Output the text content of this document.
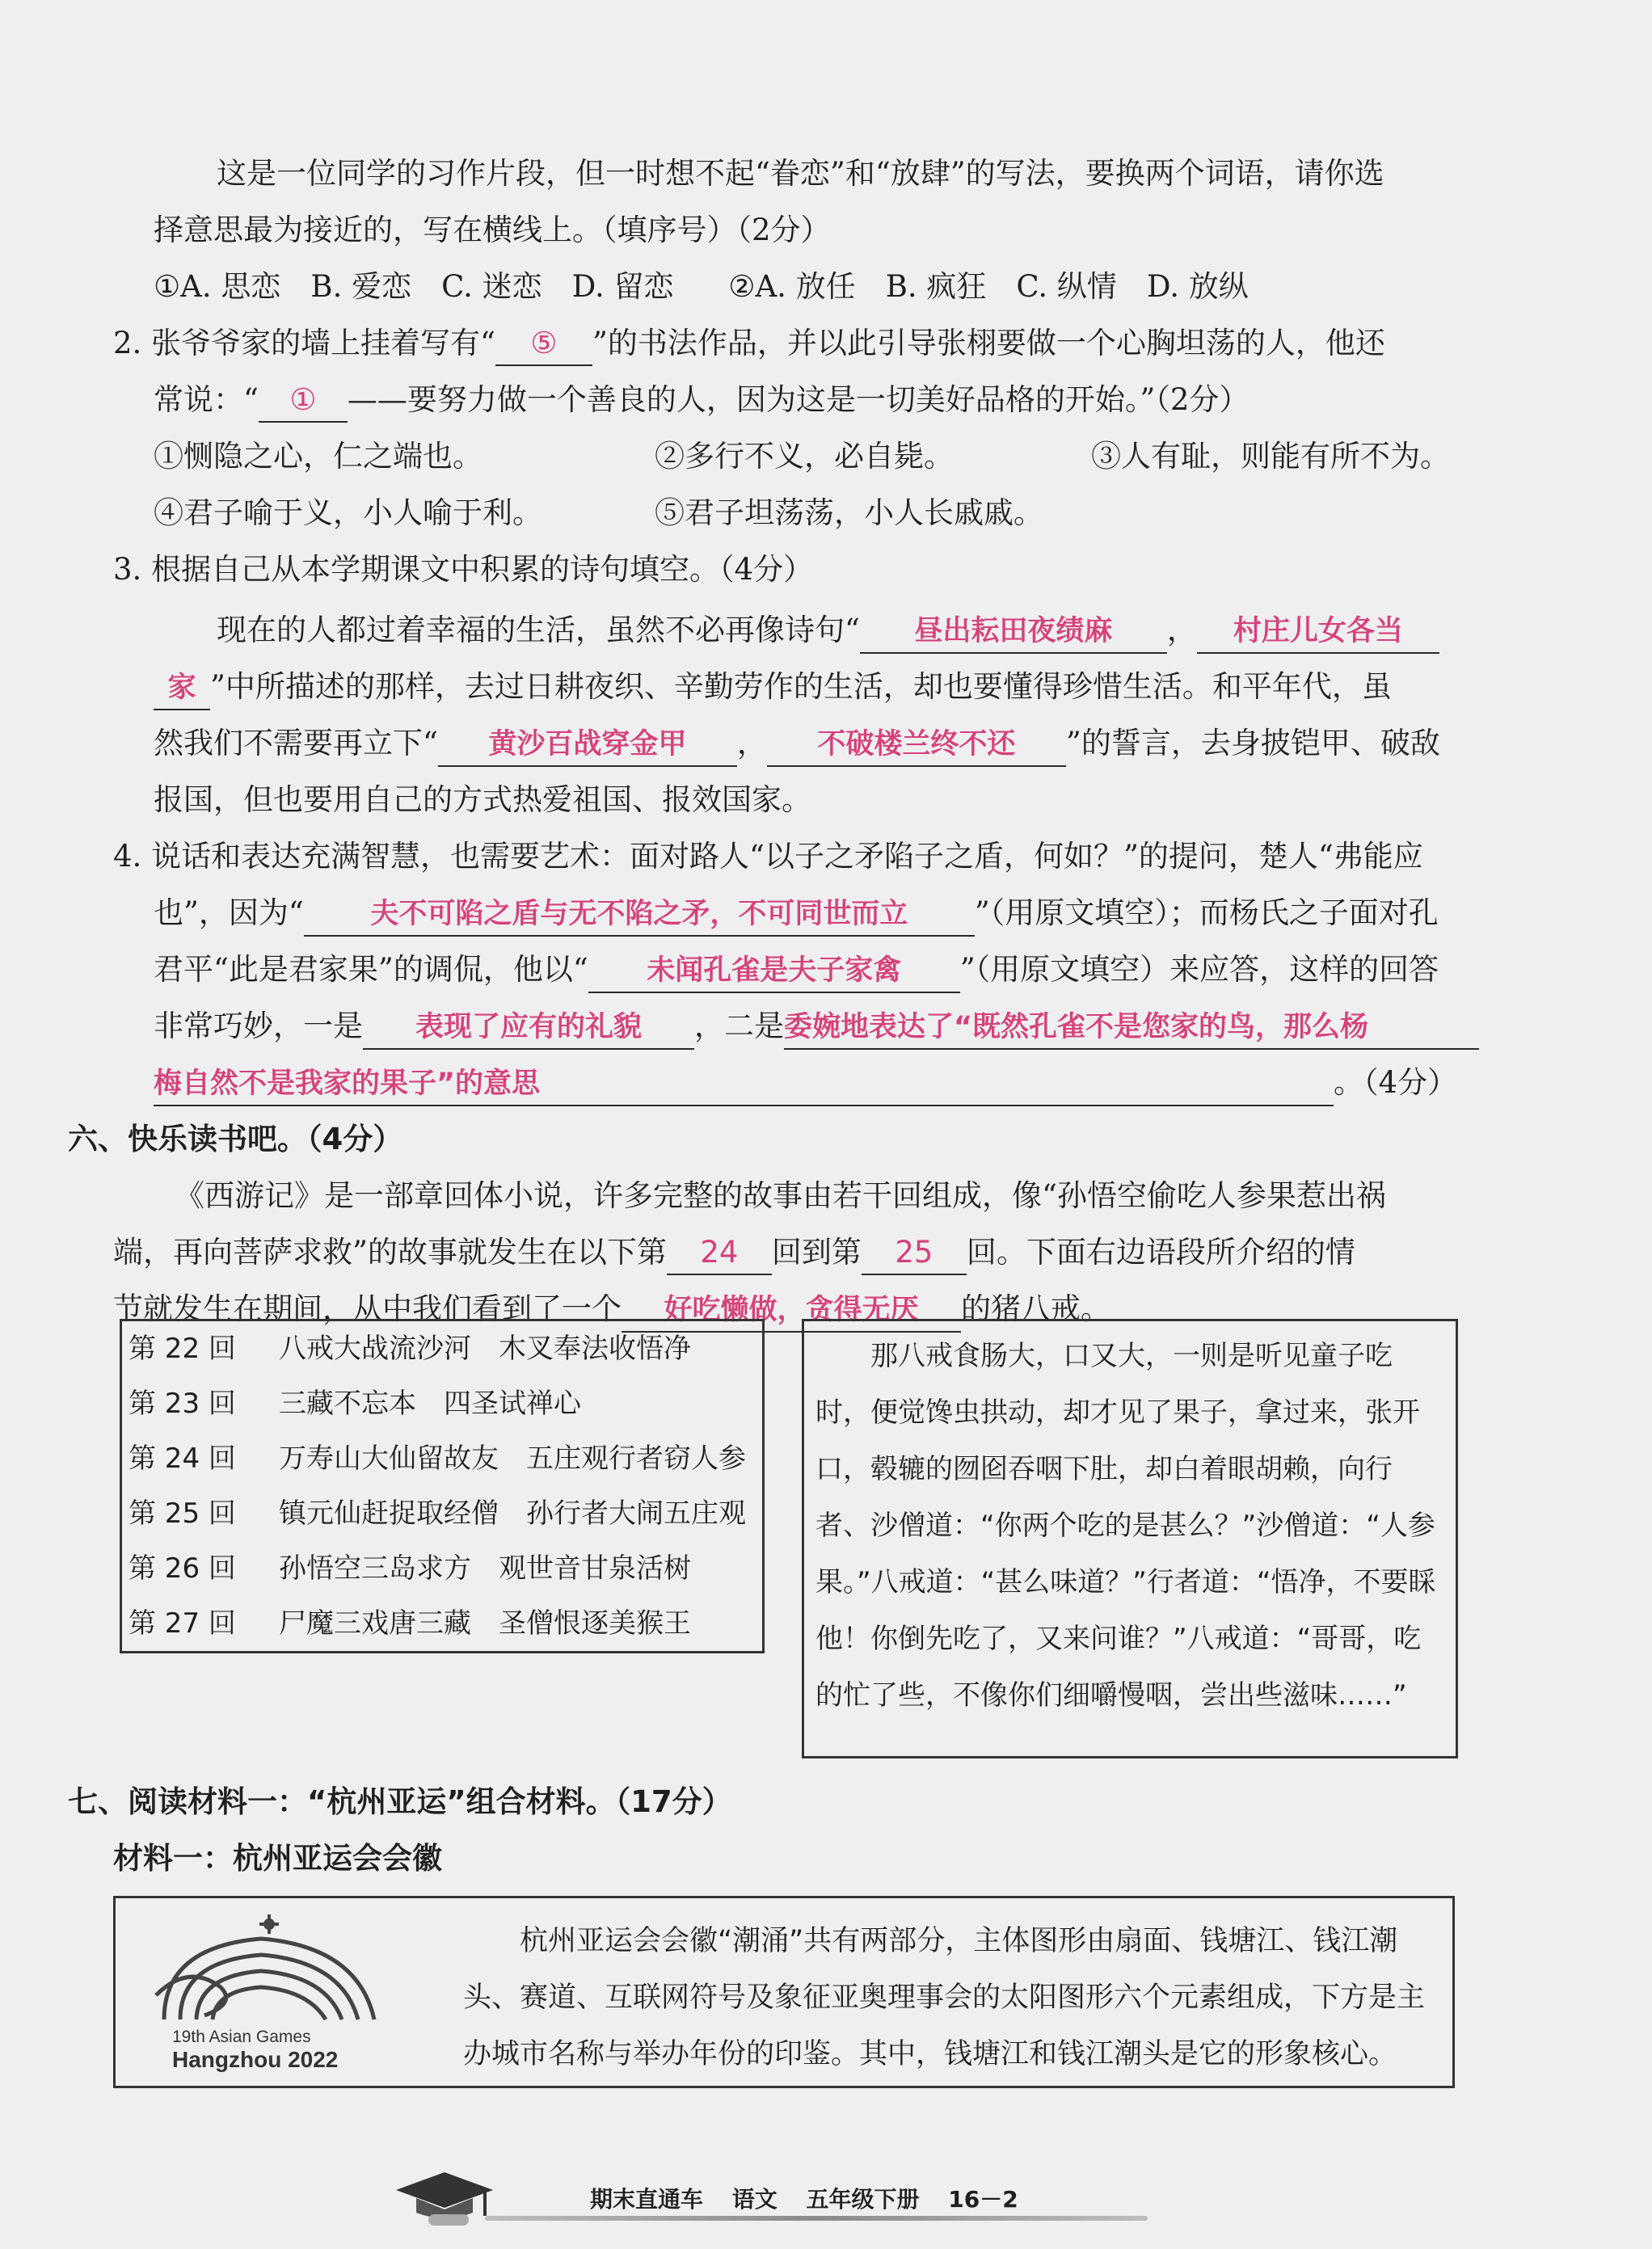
这是一位同学的习作片段，但一时想不起“眷恋”和“放肆”的写法，要换两个词语，请你选
择意思最为接近的，写在横线上。（填序号）（2分）
①A. 思恋　B. 爱恋　C. 迷恋　D. 留恋 ②A. 放任　B. 疯狂　C. 纵情　D. 放纵
2. 张爷爷家的墙上挂着写有“ ⑤ ”的书法作品，并以此引导张栩要做一个心胸坦荡的人，他还
常说：“ ① ——要努力做一个善良的人，因为这是一切美好品格的开始。”（2分）
①恻隐之心，仁之端也。	②多行不义，必自毙。	③人有耻，则能有所不为。
④君子喻于义，小人喻于利。	⑤君子坦荡荡，小人长戚戚。
3. 根据自己从本学期课文中积累的诗句填空。（4分）
现在的人都过着幸福的生活，虽然不必再像诗句“ 昼出耘田夜绩麻 ， 村庄儿女各当
家 ”中所描述的那样，去过日耕夜织、辛勤劳作的生活，却也要懂得珍惜生活。和平年代，虽
然我们不需要再立下“ 黄沙百战穿金甲 ， 不破楼兰终不还 ”的誓言，去身披铠甲、破敌
报国，但也要用自己的方式热爱祖国、报效国家。
4. 说话和表达充满智慧，也需要艺术：面对路人“以子之矛陷子之盾，何如？”的提问，楚人“弗能应
也”，因为“ 夫不可陷之盾与无不陷之矛，不可同世而立 ”（用原文填空）；而杨氏之子面对孔
君平“此是君家果”的调侃，他以“ 未闻孔雀是夫子家禽 ”（用原文填空）来应答，这样的回答
非常巧妙，一是 表现了应有的礼貌 ，二是委婉地表达了“既然孔雀不是您家的鸟，那么杨
梅自然不是我家的果子”的意思	。（4分）
六、快乐读书吧。（4分）
《西游记》是一部章回体小说，许多完整的故事由若干回组成，像“孙悟空偷吃人参果惹出祸
端，再向菩萨求救”的故事就发生在以下第 24 回到第 25 回。下面右边语段所介绍的情
节就发生在期间，从中我们看到了一个 好吃懒做，贪得无厌 的猪八戒。
第 22 回	八戒大战流沙河　木叉奉法收悟净
第 23 回	三藏不忘本　四圣试禅心
第 24 回	万寿山大仙留故友　五庄观行者窃人参
第 25 回	镇元仙赶捉取经僧　孙行者大闹五庄观
第 26 回	孙悟空三岛求方　观世音甘泉活树
第 27 回	尸魔三戏唐三藏　圣僧恨逐美猴王
　　那八戒食肠大，口又大，一则是听见童子吃时，便觉馋虫拱动，却才见了果子，拿过来，张开口，毂辘的囫囵吞咽下肚，却白着眼胡赖，向行者、沙僧道：“你两个吃的是甚么？”沙僧道：“人参果。”八戒道：“甚么味道？”行者道：“悟净，不要睬他！你倒先吃了，又来问谁？”八戒道：“哥哥，吃的忙了些，不像你们细嚼慢咽，尝出些滋味……”
七、阅读材料一：“杭州亚运”组合材料。（17分）
材料一：杭州亚运会会徽
19th Asian Games
Hangzhou 2022
　　杭州亚运会会徽“潮涌”共有两部分，主体图形由扇面、钱塘江、钱江潮头、赛道、互联网符号及象征亚奥理事会的太阳图形六个元素组成，下方是主办城市名称与举办年份的印鉴。其中，钱塘江和钱江潮头是它的形象核心。
期末直通车 语文 五年级下册 16－2
